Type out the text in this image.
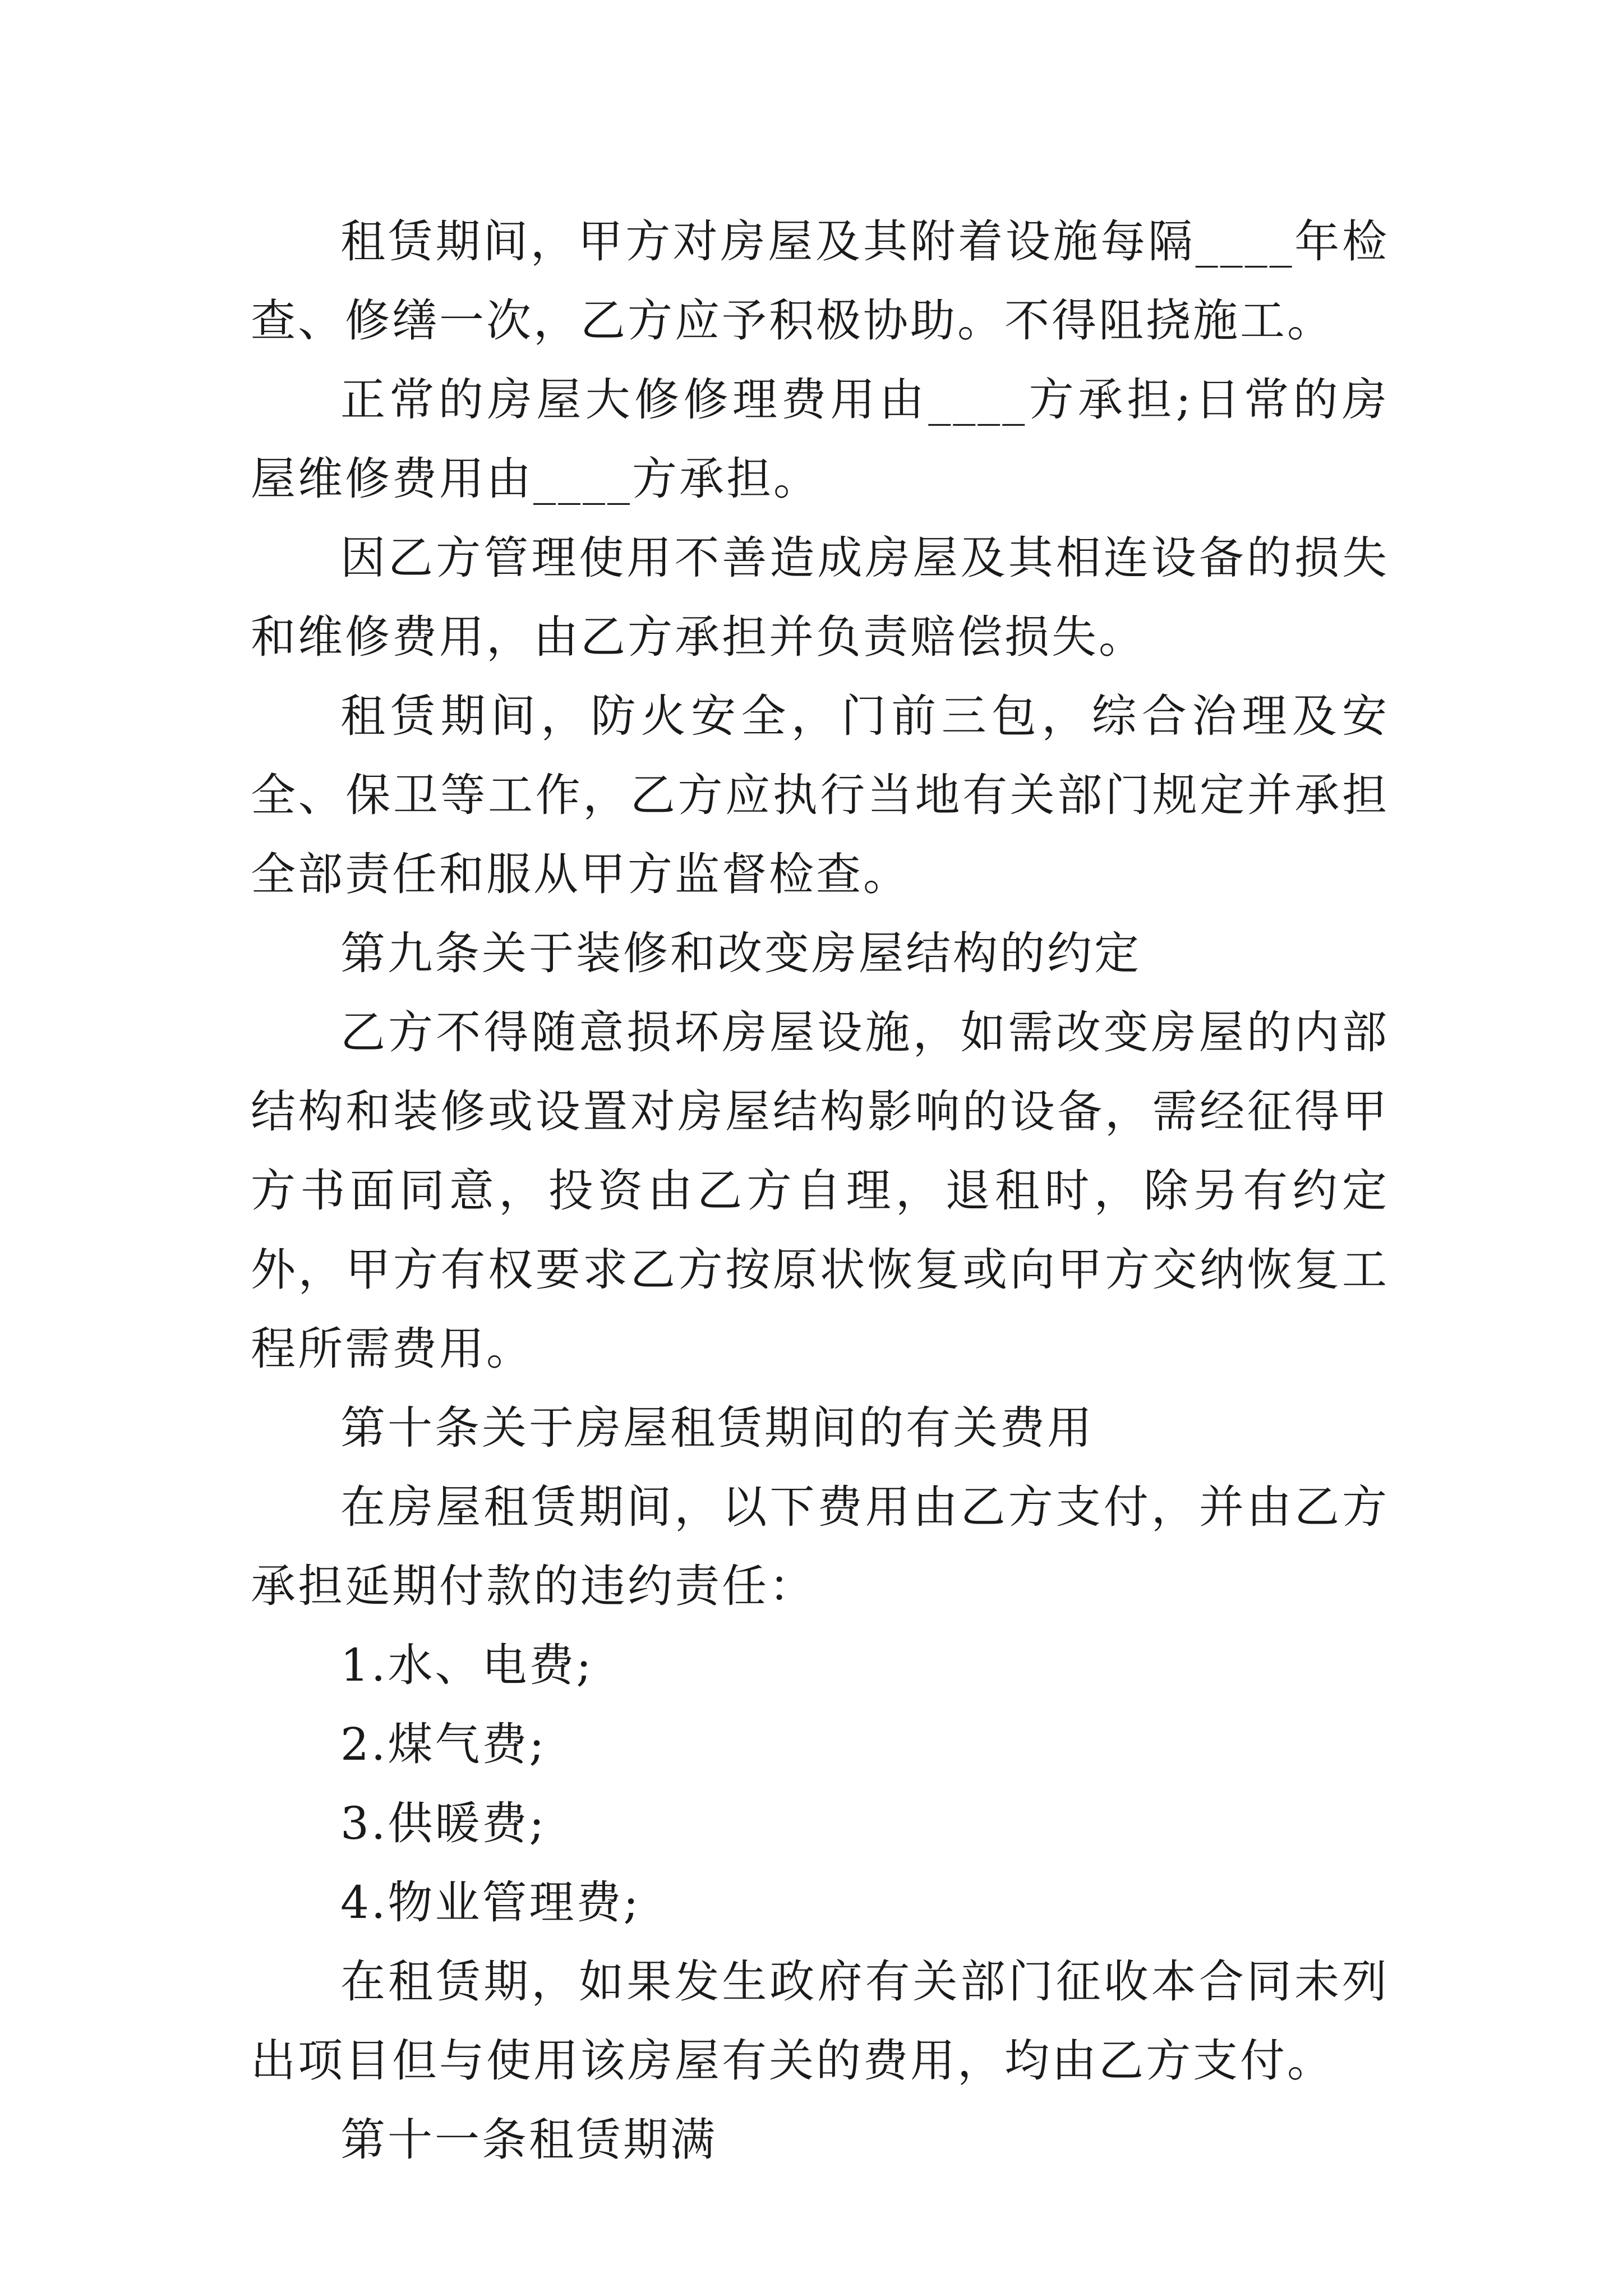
租赁期间，甲方对房屋及其附着设施每隔____年检查、修缮一次，乙方应予积极协助。不得阻挠施工。

正常的房屋大修修理费用由____方承担;日常的房屋维修费用由____方承担。

因乙方管理使用不善造成房屋及其相连设备的损失和维修费用，由乙方承担并负责赔偿损失。

租赁期间，防火安全，门前三包，综合治理及安全、保卫等工作，乙方应执行当地有关部门规定并承担全部责任和服从甲方监督检查。

第九条关于装修和改变房屋结构的约定

乙方不得随意损坏房屋设施，如需改变房屋的内部结构和装修或设置对房屋结构影响的设备，需经征得甲方书面同意，投资由乙方自理，退租时，除另有约定外，甲方有权要求乙方按原状恢复或向甲方交纳恢复工程所需费用。

第十条关于房屋租赁期间的有关费用

在房屋租赁期间，以下费用由乙方支付，并由乙方承担延期付款的违约责任：

1.水、电费;

2.煤气费;

3.供暖费;

4.物业管理费;

在租赁期，如果发生政府有关部门征收本合同未列出项目但与使用该房屋有关的费用，均由乙方支付。

第十一条租赁期满
